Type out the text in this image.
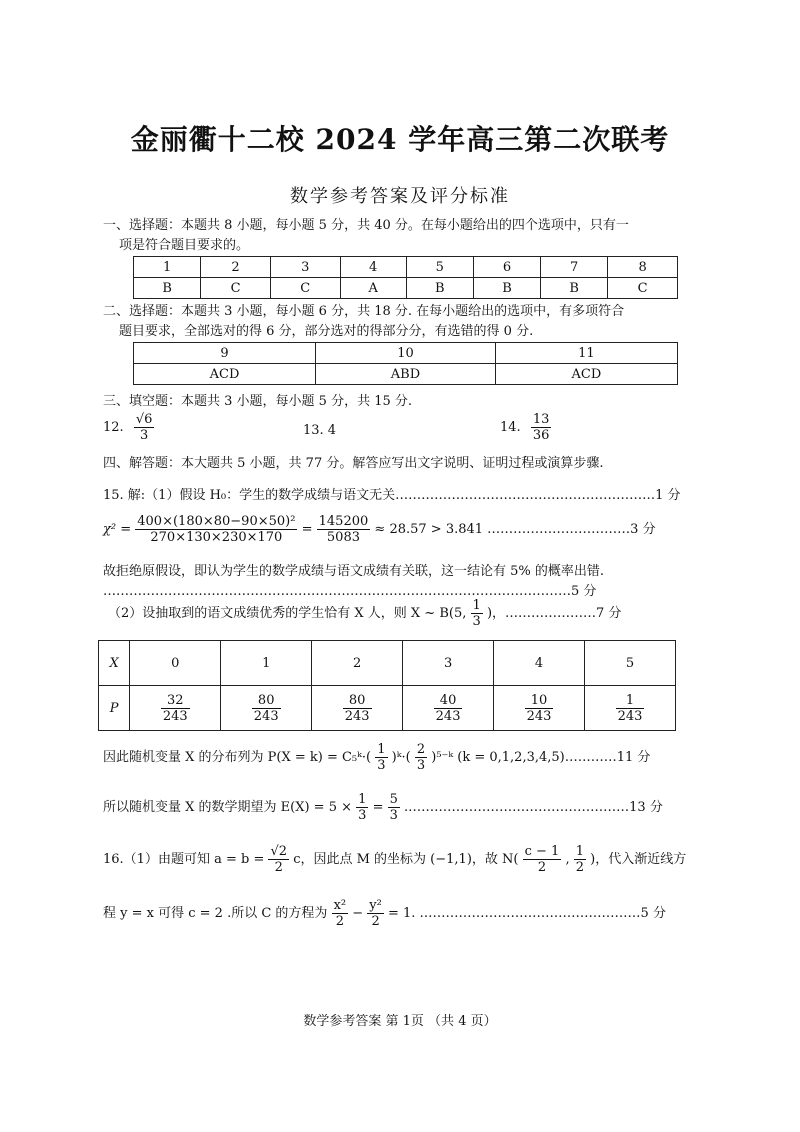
金丽衢十二校 2024 学年高三第二次联考
数学参考答案及评分标准
一、选择题：本题共 8 小题，每小题 5 分，共 40 分。在每小题给出的四个选项中，只有一
项是符合题目要求的。
1	2	3	4	5	6	7	8
B	C	C	A	B	B	B	C
二、选择题：本题共 3 小题，每小题 6 分，共 18 分. 在每小题给出的选项中，有多项符合
题目要求，全部选对的得 6 分，部分选对的得部分分，有选错的得 0 分.
9	10	11
ACD	ABD	ACD
三、填空题：本题共 3 小题，每小题 5 分，共 15 分.
12. $\frac{√6}{3}$	13. 4	14. $\frac{13}{36}$
四、解答题：本大题共 5 小题，共 77 分。解答应写出文字说明、证明过程或演算步骤.
15. 解:（1）假设 H₀：学生的数学成绩与语文无关……………………………………………………1 分
$\chi^2 = \frac{\text{400×(180×80−90×50)²}}{270\times 130\times 230\times 170} = \frac{145200}{5083} \approx 28.57 > 3.841$ ……………………………3 分
故拒绝原假设，即认为学生的数学成绩与语文成绩有关联，这一结论有 5% 的概率出错.
………………………………………………………………………………………………5 分
（2）设抽取到的语文成绩优秀的学生恰有 X 人，则 X ~ B(5, $\frac{1}{3}$ )，…………………7 分
X	0	1	2	3	4	5
P	$\frac{32}{243}$	$\frac{80}{243}$	$\frac{80}{243}$	$\frac{40}{243}$	$\frac{10}{243}$	$\frac{1}{243}$
因此随机变量 X 的分布列为 P(X = k) = C₅ᵏ·( $\frac{1}{3}$ )ᵏ·( $\frac{2}{3}$ )⁵⁻ᵏ (k = 0,1,2,3,4,5)…………11 分
所以随机变量 X 的数学期望为 $E(X) = 5 \times \frac{1}{3} = \frac{5}{3}$ .……………………………………………13 分
16.（1）由题可知 $a = b = \frac{√2}{2}$ c，因此点 M 的坐标为 (−1,1)，故 $N( \frac{c - 1}{2}$ , $\frac{1}{2}$ )，代入渐近线方
程 y = x 可得 c = 2 .所以 C 的方程为 $\frac{\text{x²}}{2} - \frac{\text{y²}}{2} = 1$. ……………………………………………5 分
数学参考答案 第 1页 （共 4 页）
